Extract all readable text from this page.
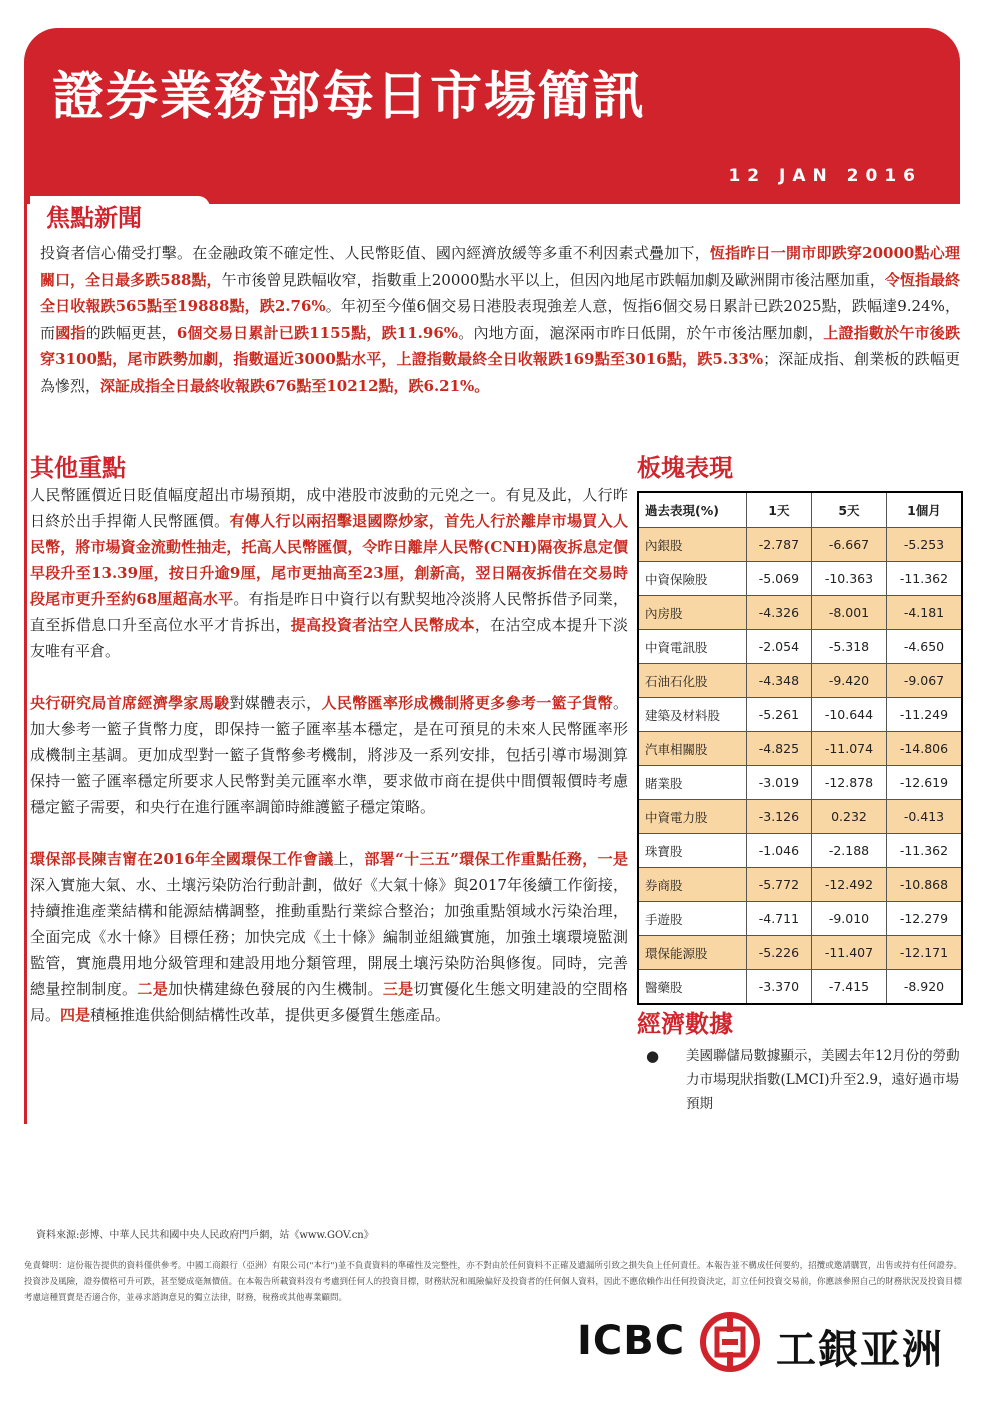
證券業務部每日市場簡訊
12 JAN 2016
焦點新聞
投資者信心備受打擊。在金融政策不確定性、人民幣貶值、國內經濟放緩等多重不利因素式疊加下，恆指昨日一開市即跌穿20000點心理關口，全日最多跌588點，午市後曾見跌幅收窄，指數重上20000點水平以上，但因內地尾市跌幅加劇及歐洲開市後沽壓加重，令恆指最終全日收報跌565點至19888點，跌2.76%。年初至今僅6個交易日港股表現強差人意，恆指6個交易日累計已跌2025點，跌幅達9.24%，而國指的跌幅更甚，6個交易日累計已跌1155點，跌11.96%。內地方面，滬深兩市昨日低開，於午市後沽壓加劇，上證指數於午市後跌穿3100點，尾市跌勢加劇，指數逼近3000點水平，上證指數最終全日收報跌169點至3016點，跌5.33%；深証成指、創業板的跌幅更為慘烈，深証成指全日最終收報跌676點至10212點，跌6.21%。
其他重點

人民幣匯價近日貶值幅度超出市場預期，成中港股市波動的元兇之一。有見及此，人行昨日終於出手捍衛人民幣匯價。有傳人行以兩招擊退國際炒家，首先人行於離岸市場買入人民幣，將市場資金流動性抽走，托高人民幣匯價，令昨日離岸人民幣(CNH)隔夜拆息定價早段升至13.39厘，按日升逾9厘，尾市更抽高至23厘，創新高，翌日隔夜拆借在交易時段尾市更升至約68厘超高水平。有指是昨日中資行以有默契地冷淡將人民幣拆借予同業，直至拆借息口升至高位水平才肯拆出，提高投資者沽空人民幣成本，在沽空成本提升下淡友唯有平倉。

央行研究局首席經濟學家馬駿對媒體表示，人民幣匯率形成機制將更多參考一籃子貨幣。加大參考一籃子貨幣力度，即保持一籃子匯率基本穩定，是在可預見的未來人民幣匯率形成機制主基調。更加成型對一籃子貨幣參考機制，將涉及一系列安排，包括引導市場測算保持一籃子匯率穩定所要求人民幣對美元匯率水準，要求做市商在提供中間價報價時考慮穩定籃子需要，和央行在進行匯率調節時維護籃子穩定策略。

環保部長陳吉甯在2016年全國環保工作會議上，部署“十三五”環保工作重點任務，一是深入實施大氣、水、土壤污染防治行動計劃，做好《大氣十條》與2017年後續工作銜接，持續推進產業結構和能源結構調整，推動重點行業綜合整治；加強重點領域水污染治理，全面完成《水十條》目標任務；加快完成《土十條》編制並組織實施，加強土壤環境監測監管，實施農用地分級管理和建設用地分類管理，開展土壤污染防治與修復。同時，完善總量控制制度。二是加快構建綠色發展的內生機制。三是切實優化生態文明建設的空間格局。四是積極推進供給側結構性改革，提供更多優質生態產品。

板塊表現
過去表現(%)	1天	5天	1個月
內銀股	-2.787	-6.667	-5.253
中資保險股	-5.069	-10.363	-11.362
內房股	-4.326	-8.001	-4.181
中資電訊股	-2.054	-5.318	-4.650
石油石化股	-4.348	-9.420	-9.067
建築及材料股	-5.261	-10.644	-11.249
汽車相關股	-4.825	-11.074	-14.806
賭業股	-3.019	-12.878	-12.619
中資電力股	-3.126	0.232	-0.413
珠寶股	-1.046	-2.188	-11.362
券商股	-5.772	-12.492	-10.868
手遊股	-4.711	-9.010	-12.279
環保能源股	-5.226	-11.407	-12.171
醫藥股	-3.370	-7.415	-8.920
經濟數據
● 美國聯儲局數據顯示，美國去年12月份的勞動力市場現狀指數(LMCI)升至2.9，遠好過市場預期
資料來源:彭博、中華人民共和國中央人民政府門戶網，站《www.GOV.cn》
免責聲明：這份報告提供的資料僅供參考。中國工商銀行（亞洲）有限公司("本行")並不負責資料的準確性及完整性，亦不對由於任何資料不正確及遺漏所引致之損失負上任何責任。本報告並不構成任何要約，招攬或邀請購買，出售或持有任何證券。投資涉及風險，證券價格可升可跌，甚至變成毫無價值。在本報告所載資料沒有考慮到任何人的投資目標，財務狀況和風險偏好及投資者的任何個人資料，因此不應依賴作出任何投資決定，訂立任何投資交易前，你應該參照自己的財務狀況及投資目標考慮這種買賣是否適合你，並尋求諮詢意見的獨立法律，財務，稅務或其他專業顧問。
ICBC 工銀亚洲
